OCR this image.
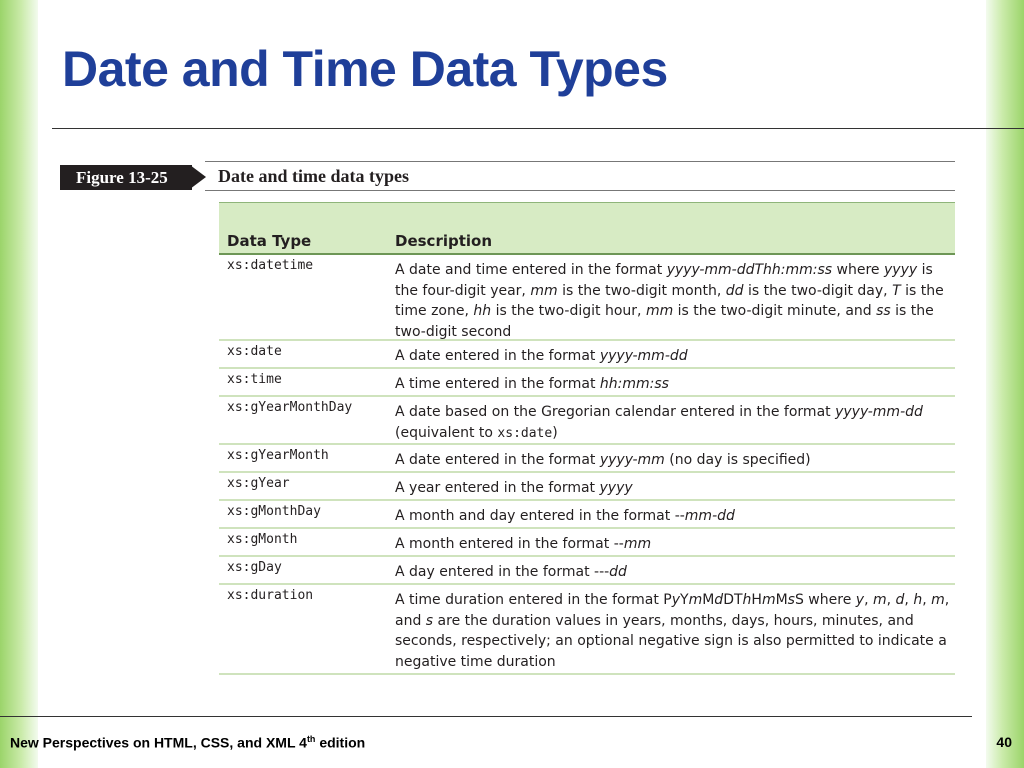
Date and Time Data Types
Figure 13-25	Date and time data types
Data Type	Description
xs:datetime	A date and time entered in the format yyyy-mm-ddThh:mm:ss where yyyy is the four-digit year, mm is the two-digit month, dd is the two-digit day, T is the time zone, hh is the two-digit hour, mm is the two-digit minute, and ss is the two-digit second
xs:date	A date entered in the format yyyy-mm-dd
xs:time	A time entered in the format hh:mm:ss
xs:gYearMonthDay	A date based on the Gregorian calendar entered in the format yyyy-mm-dd (equivalent to xs:date)
xs:gYearMonth	A date entered in the format yyyy-mm (no day is specified)
xs:gYear	A year entered in the format yyyy
xs:gMonthDay	A month and day entered in the format --mm-dd
xs:gMonth	A month entered in the format --mm
xs:gDay	A day entered in the format ---dd
xs:duration	A time duration entered in the format PyYmMdDThHmMsS where y, m, d, h, m, and s are the duration values in years, months, days, hours, minutes, and seconds, respectively; an optional negative sign is also permitted to indicate a negative time duration
New Perspectives on HTML, CSS, and XML 4th edition	40
